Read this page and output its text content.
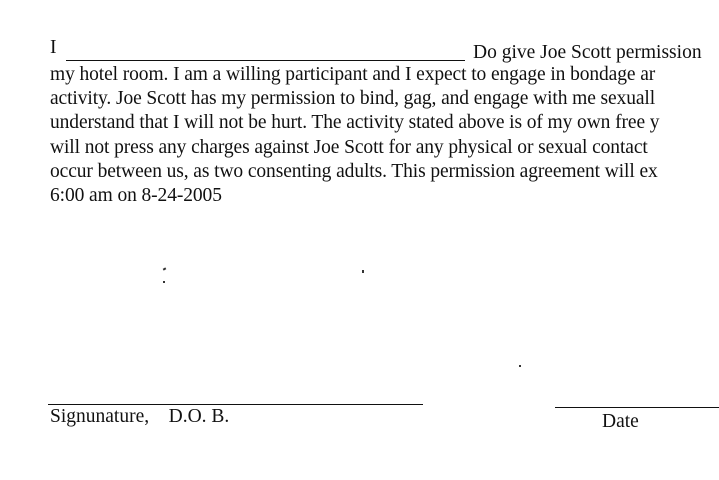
I	Do give Joe Scott permission
my hotel room. I am a willing participant and I expect to engage in bondage ar
activity. Joe Scott has my permission to bind, gag, and engage with me sexuall
understand that I will not be hurt. The activity stated above is of my own free y
will not press any charges against Joe Scott for any physical or sexual contact
occur between us, as two consenting adults. This permission agreement will ex
6:00 am on 8-24-2005
Signunature,    D.O. B.	Date
